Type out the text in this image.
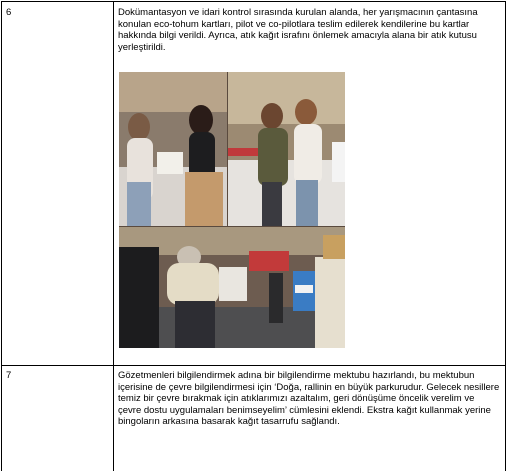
6	Dokümantasyon ve idari kontrol sırasında kurulan alanda, her yarışmacının çantasına konulan eco-tohum kartları, pilot ve co-pilotlara teslim edilerek kendilerine bu kartlar hakkında bilgi verildi. Ayrıca, atık kağıt israfını önlemek amacıyla alana bir atık kutusu yerleştirildi.
7	Gözetmenleri bilgilendirmek adına bir bilgilendirme mektubu hazırlandı, bu mektubun içerisine de çevre bilgilendirmesi için ‘Doğa, rallinin en büyük parkurudur. Gelecek nesillere temiz bir çevre bırakmak için atıklarımızı azaltalım, geri dönüşüme öncelik verelim ve çevre dostu uygulamaları benimseyelim’ cümlesini eklendi. Ekstra kağıt kullanmak yerine bingoların arkasına basarak kağıt tasarrufu sağlandı.
